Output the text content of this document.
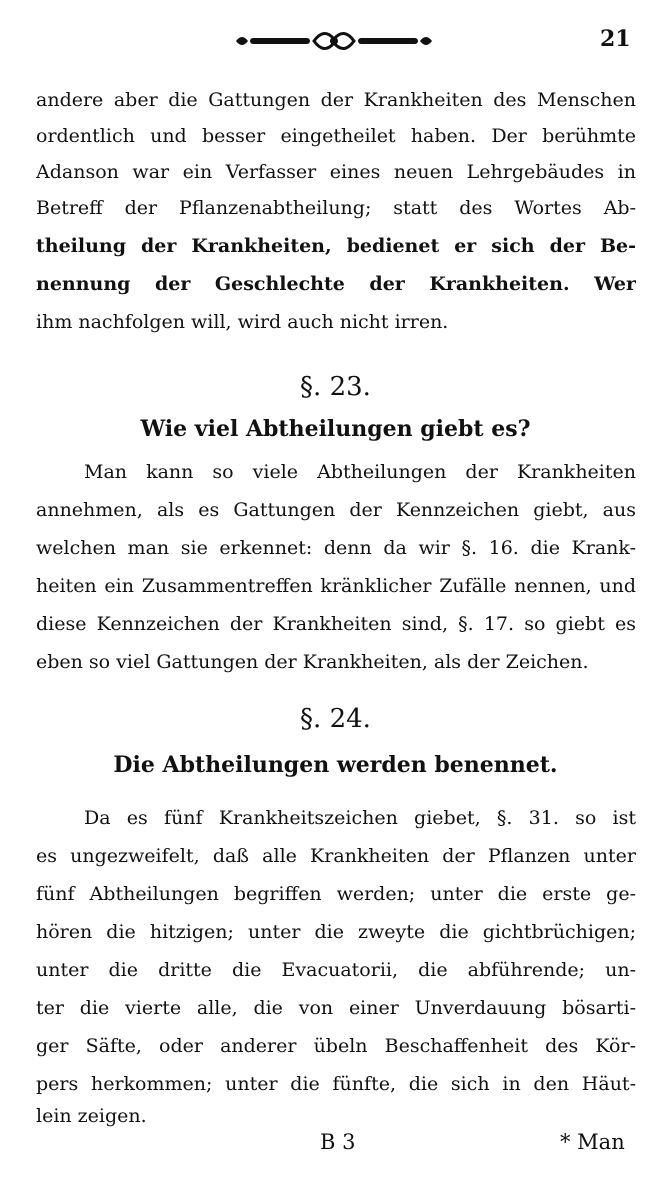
21
andere aber die Gattungen der Krankheiten des Menschen
ordentlich und besser eingetheilet haben. Der berühmte
Adanson war ein Verfasser eines neuen Lehrgebäudes in
Betreff der Pflanzenabtheilung; statt des Wortes Ab-
theilung der Krankheiten, bedienet er sich der Be-
nennung der Geschlechte der Krankheiten. Wer
ihm nachfolgen will, wird auch nicht irren.
§. 23.
Wie viel Abtheilungen giebt es?
Man kann so viele Abtheilungen der Krankheiten
annehmen, als es Gattungen der Kennzeichen giebt, aus
welchen man sie erkennet: denn da wir §. 16. die Krank-
heiten ein Zusammentreffen kränklicher Zufälle nennen, und
diese Kennzeichen der Krankheiten sind, §. 17. so giebt es
eben so viel Gattungen der Krankheiten, als der Zeichen.
§. 24.
Die Abtheilungen werden benennet.
Da es fünf Krankheitszeichen giebet, §. 31. so ist
es ungezweifelt, daß alle Krankheiten der Pflanzen unter
fünf Abtheilungen begriffen werden; unter die erste ge-
hören die hitzigen; unter die zweyte die gichtbrüchigen;
unter die dritte die Evacuatorii, die abführende; un-
ter die vierte alle, die von einer Unverdauung bösarti-
ger Säfte, oder anderer übeln Beschaffenheit des Kör-
pers herkommen; unter die fünfte, die sich in den Häut-
lein zeigen.
B 3	* Man
